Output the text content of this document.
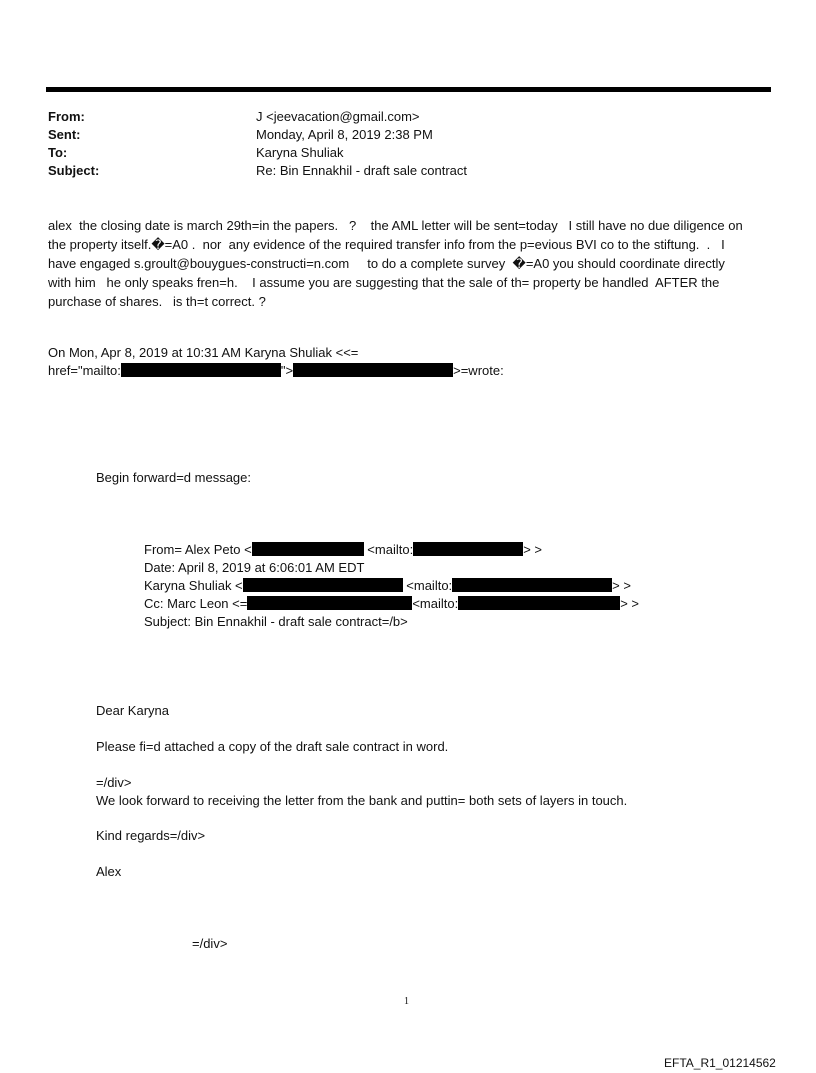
From:	J <jeevacation@gmail.com>
Sent:	Monday, April 8, 2019 2:38 PM
To:	Karyna Shuliak
Subject:	Re: Bin Ennakhil - draft sale contract
alex  the closing date is march 29th=in the papers.   ?    the AML letter will be sent=today   I still have no due diligence on
the property itself.�=A0 .  nor  any evidence of the required transfer info from the p=evious BVI co to the stiftung.  .   I
have engaged s.groult@bouygues-constructi=n.com     to do a complete survey  �=A0 you should coordinate directly
with him   he only speaks fren=h.    I assume you are suggesting that the sale of th= property be handled  AFTER the
purchase of shares.   is th=t correct. ?
On Mon, Apr 8, 2019 at 10:31 AM Karyna Shuliak <<=
href="mailto:	">	>=wrote:
Begin forward=d message:
From= Alex Peto <	<mailto:	> >
Date: April 8, 2019 at 6:06:01 AM EDT
Karyna Shuliak <	<mailto:	> >
Cc: Marc Leon <=	<mailto:	> >
Subject: Bin Ennakhil - draft sale contract=/b>
Dear Karyna
Please fi=d attached a copy of the draft sale contract in word.
=/div>
We look forward to receiving the letter from the bank and puttin= both sets of layers in touch.
Kind regards=/div>
Alex
=/div>
1
EFTA_R1_01214562
